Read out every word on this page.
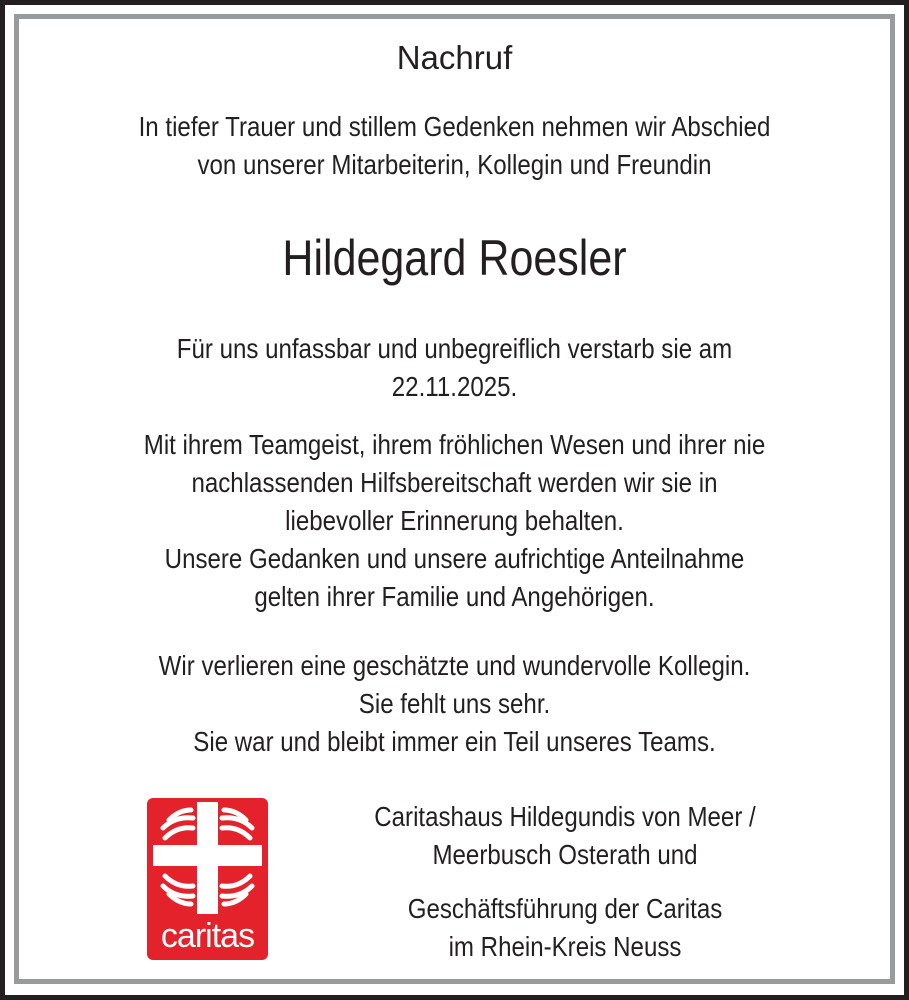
Nachruf
In tiefer Trauer und stillem Gedenken nehmen wir Abschied
von unserer Mitarbeiterin, Kollegin und Freundin
Hildegard Roesler
Für uns unfassbar und unbegreiflich verstarb sie am
22.11.2025.
Mit ihrem Teamgeist, ihrem fröhlichen Wesen und ihrer nie
nachlassenden Hilfsbereitschaft werden wir sie in
liebevoller Erinnerung behalten.
Unsere Gedanken und unsere aufrichtige Anteilnahme
gelten ihrer Familie und Angehörigen.
Wir verlieren eine geschätzte und wundervolle Kollegin.
Sie fehlt uns sehr.
Sie war und bleibt immer ein Teil unseres Teams.
caritas
Caritashaus Hildegundis von Meer /
Meerbusch Osterath und
Geschäftsführung der Caritas
im Rhein-Kreis Neuss
